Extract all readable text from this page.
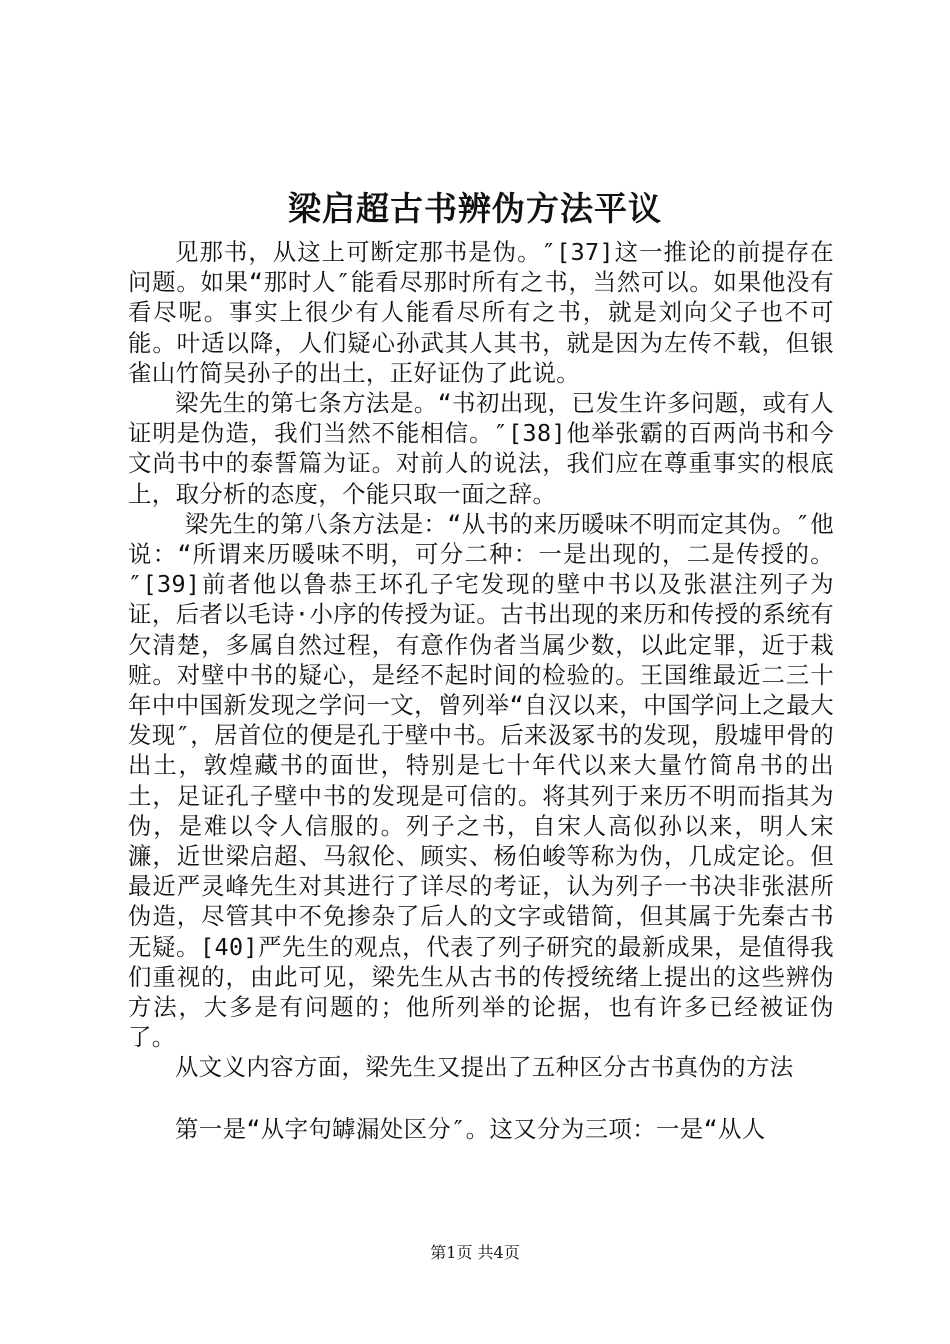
梁启超古书辨伪方法平议

见那书，从这上可断定那书是伪。″[37]这一推论的前提存在问题。如果“那时人″能看尽那时所有之书，当然可以。如果他没有看尽呢。事实上很少有人能看尽所有之书，就是刘向父子也不可能。叶适以降，人们疑心孙武其人其书，就是因为左传不载，但银雀山竹简吴孙子的出土，正好证伪了此说。

梁先生的第七条方法是。“书初出现，已发生许多问题，或有人证明是伪造，我们当然不能相信。″[38]他举张霸的百两尚书和今文尚书中的泰誓篇为证。对前人的说法，我们应在尊重事实的根底上，取分析的态度，个能只取一面之辞。

梁先生的第八条方法是：“从书的来历暖味不明而定其伪。″他说：“所谓来历暖味不明，可分二种：一是出现的，二是传授的。″[39]前者他以鲁恭王坏孔子宅发现的壁中书以及张湛注列子为证，后者以毛诗·小序的传授为证。古书出现的来历和传授的系统有欠清楚，多属自然过程，有意作伪者当属少数，以此定罪，近于栽赃。对壁中书的疑心，是经不起时间的检验的。王国维最近二三十年中中国新发现之学问一文，曾列举“自汉以来，中国学问上之最大发现″，居首位的便是孔于壁中书。后来汲冢书的发现，殷墟甲骨的出土，敦煌藏书的面世，特别是七十年代以来大量竹简帛书的出土，足证孔子壁中书的发现是可信的。将其列于来历不明而指其为伪，是难以令人信服的。列子之书，自宋人高似孙以来，明人宋濂，近世梁启超、马叙伦、顾实、杨伯峻等称为伪，几成定论。但最近严灵峰先生对其进行了详尽的考证，认为列子一书决非张湛所伪造，尽管其中不免掺杂了后人的文字或错简，但其属于先秦古书无疑。[40]严先生的观点，代表了列子研究的最新成果，是值得我们重视的，由此可见，梁先生从古书的传授统绪上提出的这些辨伪方法，大多是有问题的；他所列举的论据，也有许多已经被证伪了。

从文义内容方面，梁先生又提出了五种区分古书真伪的方法

第一是“从字句罅漏处区分″。这又分为三项：一是“从人

第1页 共4页
